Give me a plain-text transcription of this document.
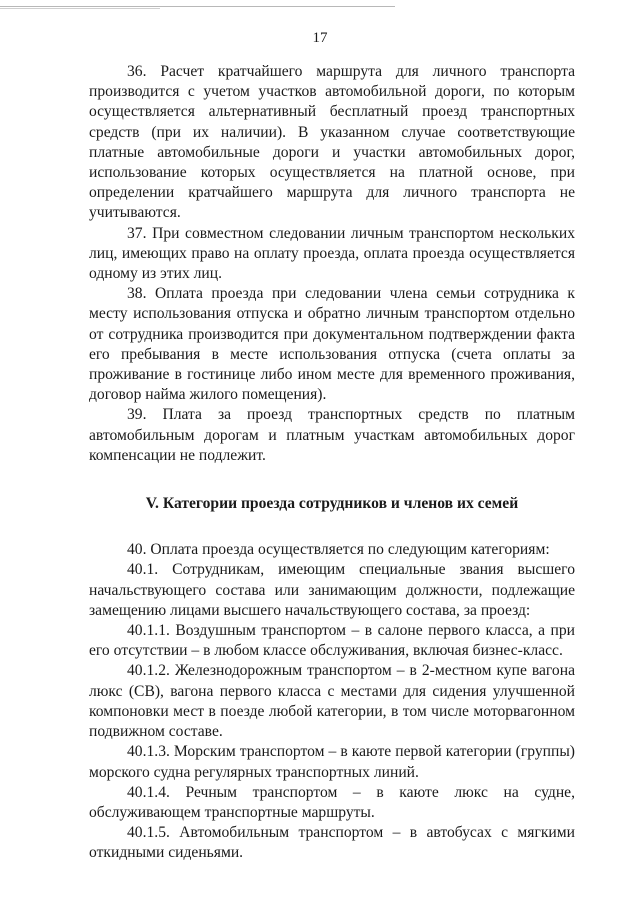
17

36. Расчет кратчайшего маршрута для личного транспорта производится с учетом участков автомобильной дороги, по которым осуществляется альтернативный бесплатный проезд транспортных средств (при их наличии). В указанном случае соответствующие платные автомобильные дороги и участки автомобильных дорог, использование которых осуществляется на платной основе, при определении кратчайшего маршрута для личного транспорта не учитываются.

37. При совместном следовании личным транспортом нескольких лиц, имеющих право на оплату проезда, оплата проезда осуществляется одному из этих лиц.

38. Оплата проезда при следовании члена семьи сотрудника к месту использования отпуска и обратно личным транспортом отдельно от сотрудника производится при документальном подтверждении факта его пребывания в месте использования отпуска (счета оплаты за проживание в гостинице либо ином месте для временного проживания, договор найма жилого помещения).

39. Плата за проезд транспортных средств по платным автомобильным дорогам и платным участкам автомобильных дорог компенсации не подлежит.

V. Категории проезда сотрудников и членов их семей

40. Оплата проезда осуществляется по следующим категориям:

40.1. Сотрудникам, имеющим специальные звания высшего начальствующего состава или занимающим должности, подлежащие замещению лицами высшего начальствующего состава, за проезд:

40.1.1. Воздушным транспортом – в салоне первого класса, а при его отсутствии – в любом классе обслуживания, включая бизнес-класс.

40.1.2. Железнодорожным транспортом – в 2-местном купе вагона люкс (СВ), вагона первого класса с местами для сидения улучшенной компоновки мест в поезде любой категории, в том числе моторвагонном подвижном составе.

40.1.3. Морским транспортом – в каюте первой категории (группы) морского судна регулярных транспортных линий.

40.1.4. Речным транспортом – в каюте люкс на судне, обслуживающем транспортные маршруты.

40.1.5. Автомобильным транспортом – в автобусах с мягкими откидными сиденьями.
